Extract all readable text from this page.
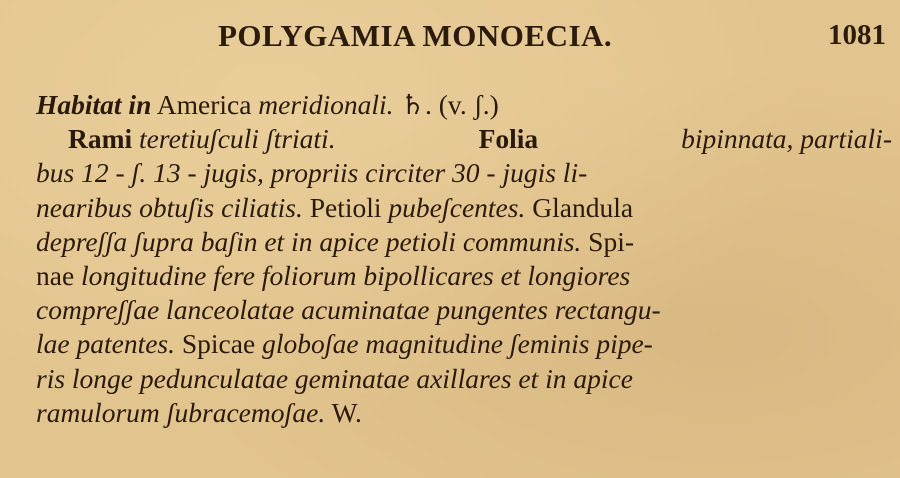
POLYGAMIA MONOECIA.	1081
Habitat in America meridionali. ♄. (v. ʃ.)
Rami teretiuʃculi ʃtriati.	Folia	bipinnata, partiali-
bus 12 - ʃ. 13 - jugis, propriis circiter 30 - jugis li-
nearibus obtuʃis ciliatis. Petioli pubeʃcentes. Glandula
depreʃʃa ʃupra baʃin et in apice petioli communis. Spi-
nae longitudine fere foliorum bipollicares et longiores
compreʃʃae lanceolatae acuminatae pungentes rectangu-
lae patentes. Spicae globoʃae magnitudine ʃeminis pipe-
ris longe pedunculatae geminatae axillares et in apice
ramulorum ʃubracemoʃae. W.
